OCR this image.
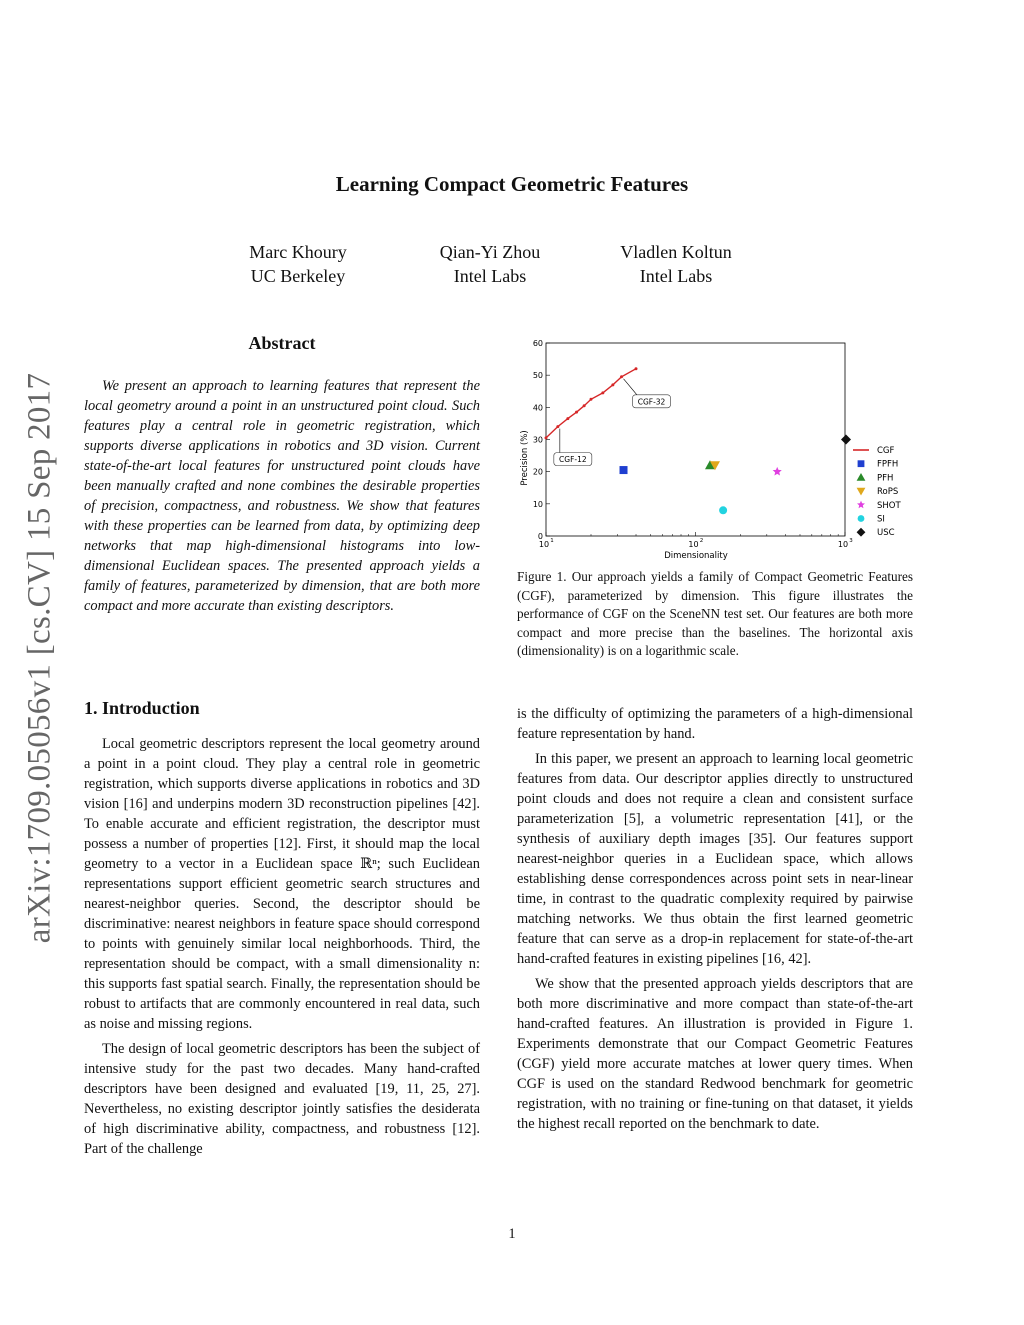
Learning Compact Geometric Features
Marc Khoury
UC Berkeley
Qian-Yi Zhou
Intel Labs
Vladlen Koltun
Intel Labs
arXiv:1709.05056v1 [cs.CV] 15 Sep 2017
Abstract
We present an approach to learning features that represent the local geometry around a point in an unstructured point cloud. Such features play a central role in geometric registration, which supports diverse applications in robotics and 3D vision. Current state-of-the-art local features for unstructured point clouds have been manually crafted and none combines the desirable properties of precision, compactness, and robustness. We show that features with these properties can be learned from data, by optimizing deep networks that map high-dimensional histograms into low-dimensional Euclidean spaces. The presented approach yields a family of features, parameterized by dimension, that are both more compact and more accurate than existing descriptors.
1. Introduction

Local geometric descriptors represent the local geometry around a point in a point cloud. They play a central role in geometric registration, which supports diverse applications in robotics and 3D vision [16] and underpins modern 3D reconstruction pipelines [42]. To enable accurate and efficient registration, the descriptor must possess a number of properties [12]. First, it should map the local geometry to a vector in a Euclidean space ℝⁿ; such Euclidean representations support efficient geometric search structures and nearest-neighbor queries. Second, the descriptor should be discriminative: nearest neighbors in feature space should correspond to points with genuinely similar local neighborhoods. Third, the representation should be compact, with a small dimensionality n: this supports fast spatial search. Finally, the representation should be robust to artifacts that are commonly encountered in real data, such as noise and missing regions.

The design of local geometric descriptors has been the subject of intensive study for the past two decades. Many hand-crafted descriptors have been designed and evaluated [19, 11, 25, 27]. Nevertheless, no existing descriptor jointly satisfies the desiderata of high discriminative ability, compactness, and robustness [12]. Part of the challenge

Precision (%)
Dimensionality
0
10
20
30
40
50
60
10 1	10 2	10 3
CGF-32
CGF-12
CGF
FPFH
PFH
RoPS
SHOT
SI
USC
Figure 1. Our approach yields a family of Compact Geometric Features (CGF), parameterized by dimension. This figure illustrates the performance of CGF on the SceneNN test set. Our features are both more compact and more precise than the baselines. The horizontal axis (dimensionality) is on a logarithmic scale.

is the difficulty of optimizing the parameters of a high-dimensional feature representation by hand.

In this paper, we present an approach to learning local geometric features from data. Our descriptor applies directly to unstructured point clouds and does not require a clean and consistent surface parameterization [5], a volumetric representation [41], or the synthesis of auxiliary depth images [35]. Our features support nearest-neighbor queries in a Euclidean space, which allows establishing dense correspondences across point sets in near-linear time, in contrast to the quadratic complexity required by pairwise matching networks. We thus obtain the first learned geometric feature that can serve as a drop-in replacement for state-of-the-art hand-crafted features in existing pipelines [16, 42].

We show that the presented approach yields descriptors that are both more discriminative and more compact than state-of-the-art hand-crafted features. An illustration is provided in Figure 1. Experiments demonstrate that our Compact Geometric Features (CGF) yield more accurate matches at lower query times. When CGF is used on the standard Redwood benchmark for geometric registration, with no training or fine-tuning on that dataset, it yields the highest recall reported on the benchmark to date.

1
